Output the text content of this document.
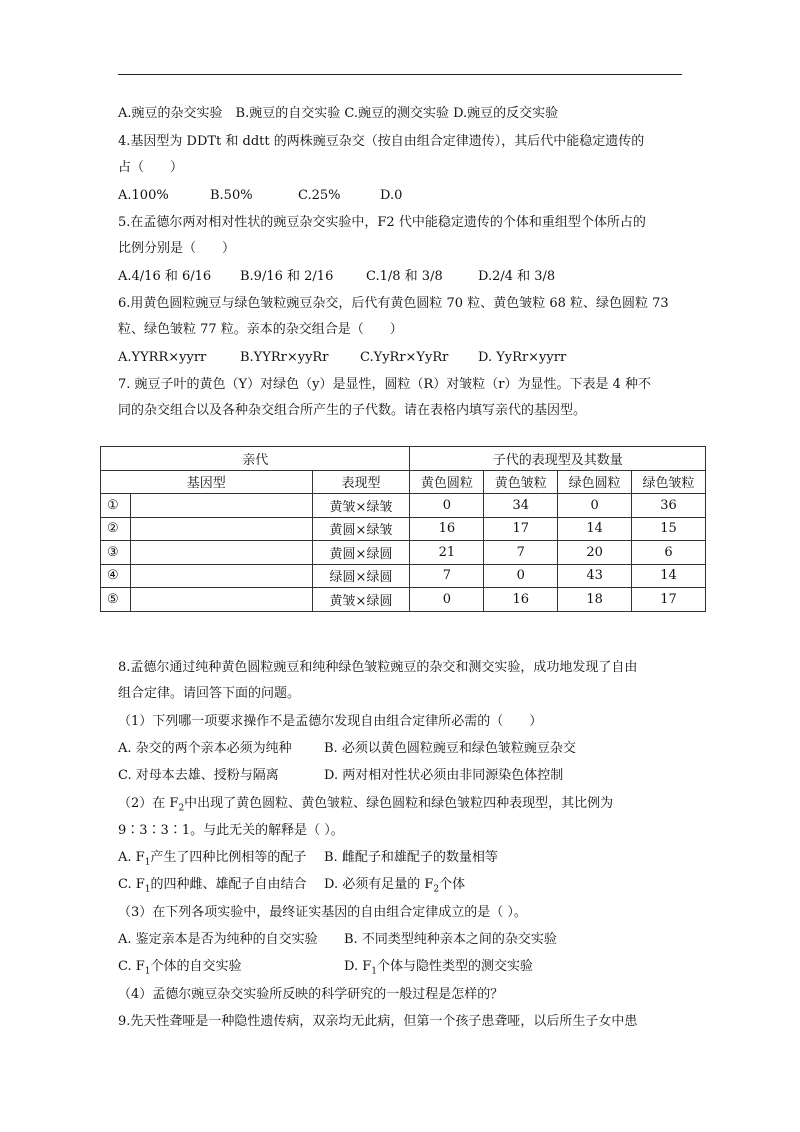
A.豌豆的杂交实验　B.豌豆的自交实验 C.豌豆的测交实验 D.豌豆的反交实验
4.基因型为 DDTt 和 ddtt 的两株豌豆杂交（按自由组合定律遗传），其后代中能稳定遗传的
占（　　）
A.100%	B.50%	C.25%	D.0
5.在孟德尔两对相对性状的豌豆杂交实验中，F2 代中能稳定遗传的个体和重组型个体所占的
比例分别是（　　）
A.4/16 和 6/16 B.9/16 和 2/16	C.1/8 和 3/8	D.2/4 和 3/8
6.用黄色圆粒豌豆与绿色皱粒豌豆杂交，后代有黄色圆粒 70 粒、黄色皱粒 68 粒、绿色圆粒 73
粒、绿色皱粒 77 粒。亲本的杂交组合是（　　）
A.YYRR×yyrr	B.YYRr×yyRr C.YyRr×YyRr D. YyRr×yyrr
7. 豌豆子叶的黄色（Y）对绿色（y）是显性，圆粒（R）对皱粒（r）为显性。下表是 4 种不
同的杂交组合以及各种杂交组合所产生的子代数。请在表格内填写亲代的基因型。
亲代			子代的表现型及其数量			
基因型		表现型	黄色圆粒	黄色皱粒	绿色圆粒	绿色皱粒
①		黄皱×绿皱	0	34	0	36
②		黄圆×绿皱	16	17	14	15
③		黄圆×绿圆	21	7	20	6
④		绿圆×绿圆	7	0	43	14
⑤		黄皱×绿圆	0	16	18	17
8.孟德尔通过纯种黄色圆粒豌豆和纯种绿色皱粒豌豆的杂交和测交实验，成功地发现了自由
组合定律。请回答下面的问题。
（1）下列哪一项要求操作不是孟德尔发现自由组合定律所必需的（　　）
A. 杂交的两个亲本必须为纯种 B. 必须以黄色圆粒豌豆和绿色皱粒豌豆杂交
C. 对母本去雄、授粉与隔离	D. 两对相对性状必须由非同源染色体控制
（2）在 $F_2$中出现了黄色圆粒、黄色皱粒、绿色圆粒和绿色皱粒四种表现型，其比例为
9∶3∶3∶1。与此无关的解释是（ ）。
A. $F_1$产生了四种比例相等的配子 B. 雌配子和雄配子的数量相等
C. $F_1$的四种雌、雄配子自由结合 D. 必须有足量的 $F_2$个体
（3）在下列各项实验中，最终证实基因的自由组合定律成立的是（ ）。
A. 鉴定亲本是否为纯种的自交实验 B. 不同类型纯种亲本之间的杂交实验
C. $F_1$个体的自交实验	D. $F_1$个体与隐性类型的测交实验
（4）孟德尔豌豆杂交实验所反映的科学研究的一般过程是怎样的？
9.先天性聋哑是一种隐性遗传病，双亲均无此病，但第一个孩子患聋哑，以后所生子女中患
